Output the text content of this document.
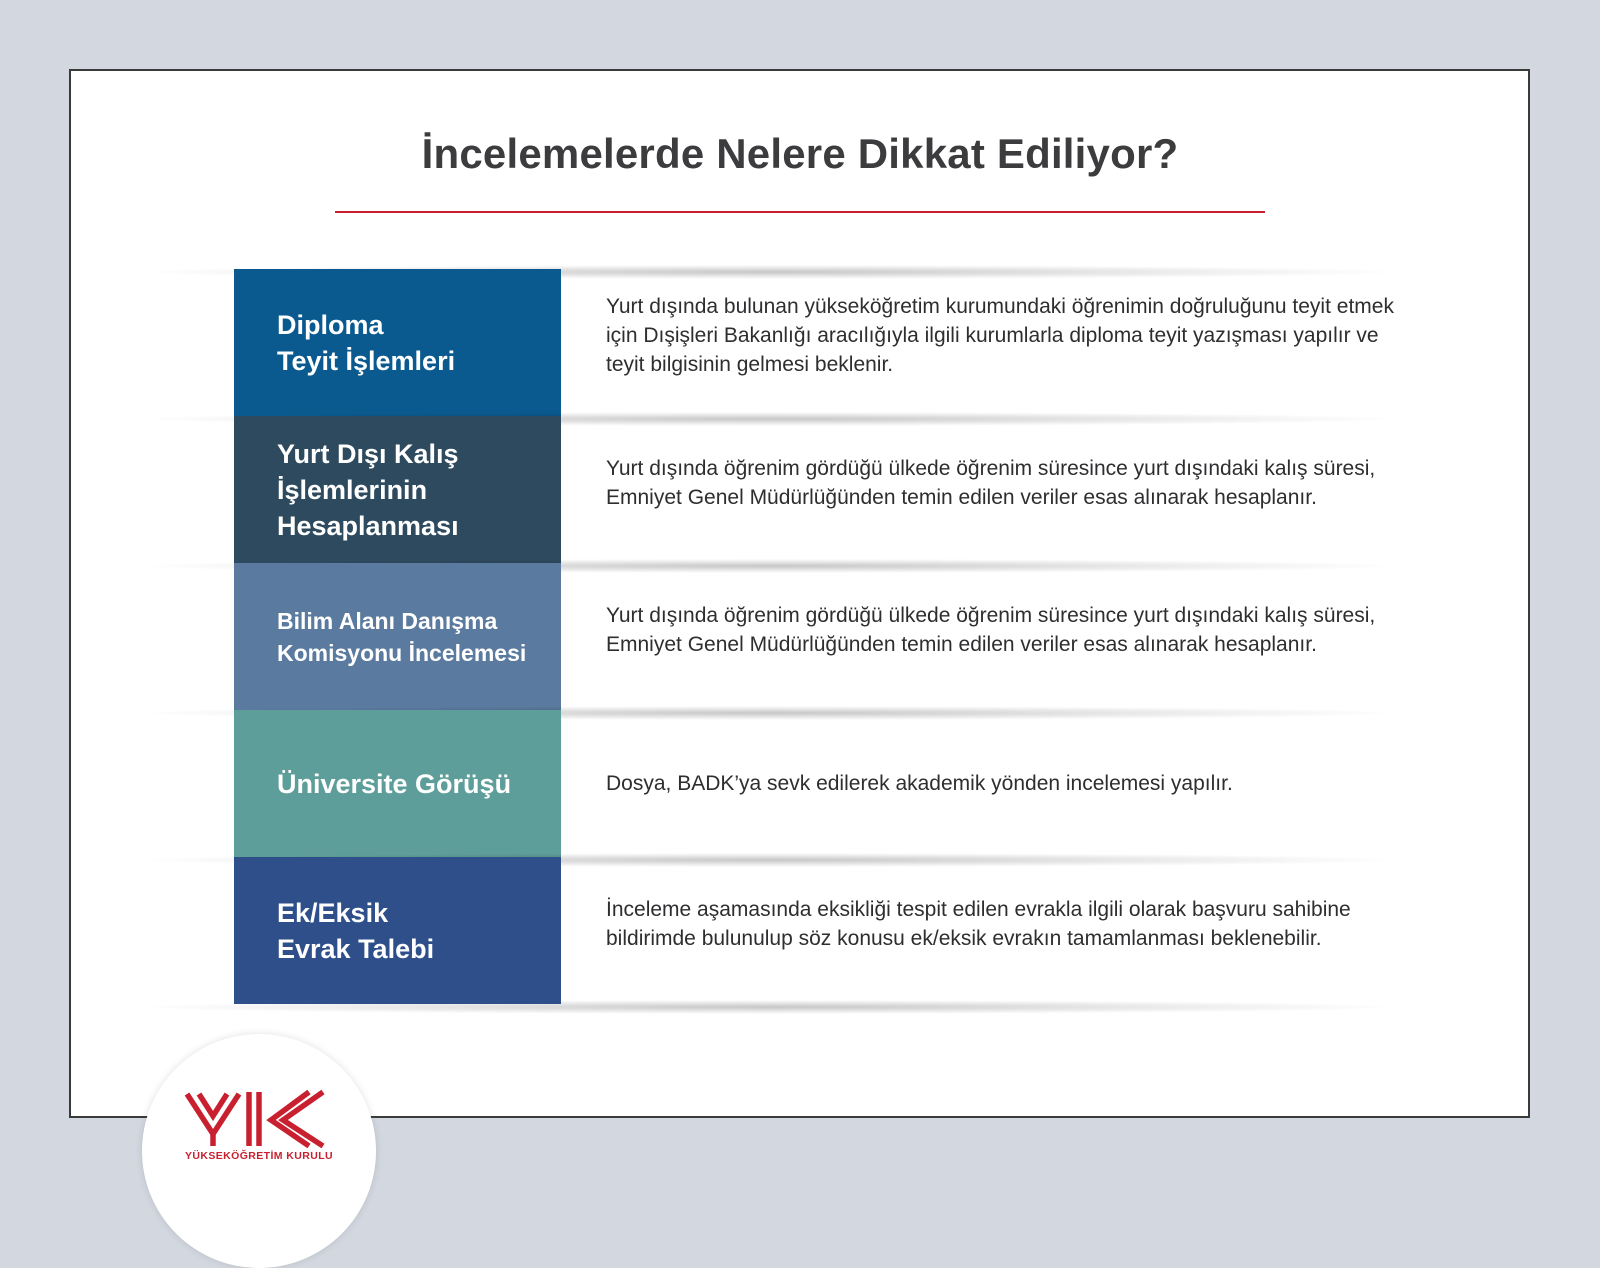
İncelemelerde Nelere Dikkat Ediliyor?
Diploma
Teyit İşlemleri
Yurt dışında bulunan yükseköğretim kurumundaki öğrenimin doğruluğunu teyit etmek için Dışişleri Bakanlığı aracılığıyla ilgili kurumlarla diploma teyit yazışması yapılır ve teyit bilgisinin gelmesi beklenir.
Yurt Dışı Kalış
İşlemlerinin
Hesaplanması
Yurt dışında öğrenim gördüğü ülkede öğrenim süresince yurt dışındaki kalış süresi, Emniyet Genel Müdürlüğünden temin edilen veriler esas alınarak hesaplanır.
Bilim Alanı Danışma
Komisyonu İncelemesi
Yurt dışında öğrenim gördüğü ülkede öğrenim süresince yurt dışındaki kalış süresi, Emniyet Genel Müdürlüğünden temin edilen veriler esas alınarak hesaplanır.
Üniversite Görüşü	Dosya, BADK’ya sevk edilerek akademik yönden incelemesi yapılır.
Ek/Eksik
Evrak Talebi
İnceleme aşamasında eksikliği tespit edilen evrakla ilgili olarak başvuru sahibine bildirimde bulunulup söz konusu ek/eksik evrakın tamamlanması beklenebilir.
YÜKSEKÖĞRETİM KURULU
